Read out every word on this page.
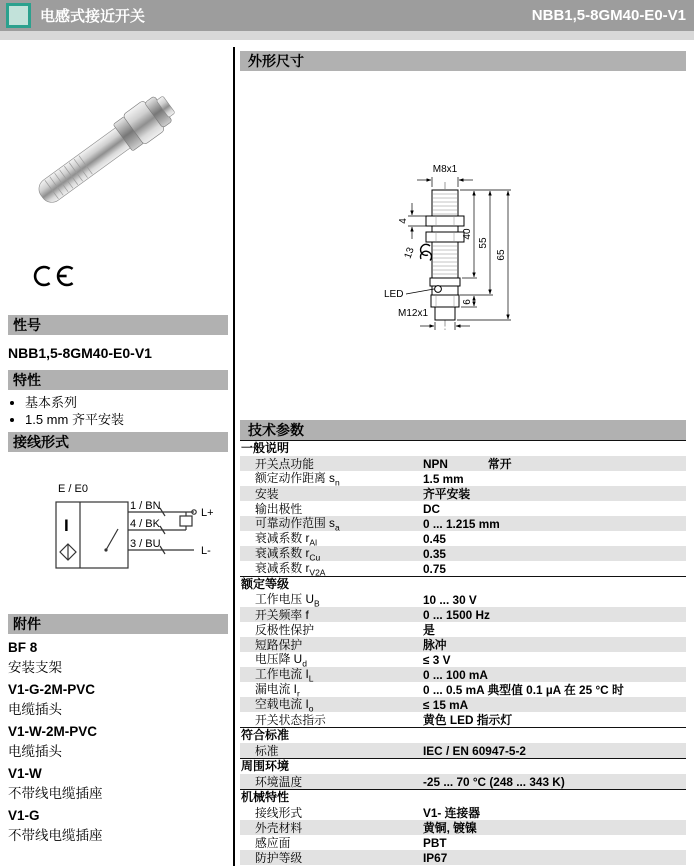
电感式接近开关	NBB1,5-8GM40-E0-V1
性号
NBB1,5-8GM40-E0-V1
特性
• 基本系列
• 1.5 mm 齐平安装
接线形式
E / E0
I
1 / BN
4 / BK
3 / BU
L+
L-
附件
BF 8
安装支架
V1-G-2M-PVC
电缆插头
V1-W-2M-PVC
电缆插头
V1-W
不带线电缆插座
V1-G
不带线电缆插座
外形尺寸
M8x1
4
13
40
55
65
6
LED
M12x1
技术参数
一般说明
开关点功能	NPN	常开
额定动作距离 $s_n$	1.5 mm
安装	齐平安装
输出极性	DC
可靠动作范围 $s_a$	0 ... 1.215 mm
衰减系数 $r_{Al}$	0.45
衰减系数 $r_{Cu}$	0.35
衰减系数 $r_{V2A}$	0.75
额定等级
工作电压 $U_B$	10 ... 30 V
开关频率 f	0 ... 1500 Hz
反极性保护	是
短路保护	脉冲
电压降 $U_d$	≤ 3 V
工作电流 $I_L$	0 ... 100 mA
漏电流 $I_r$	0 ... 0.5 mA 典型值 0.1 µA 在 25 °C 时
空载电流 $I_o$	≤ 15 mA
开关状态指示	黄色 LED 指示灯
符合标准
标准	IEC / EN 60947-5-2
周围环境
环境温度	-25 ... 70 °C (248 ... 343 K)
机械特性
接线形式	V1- 连接器
外壳材料	黄铜, 镀镍
感应面	PBT
防护等级	IP67
